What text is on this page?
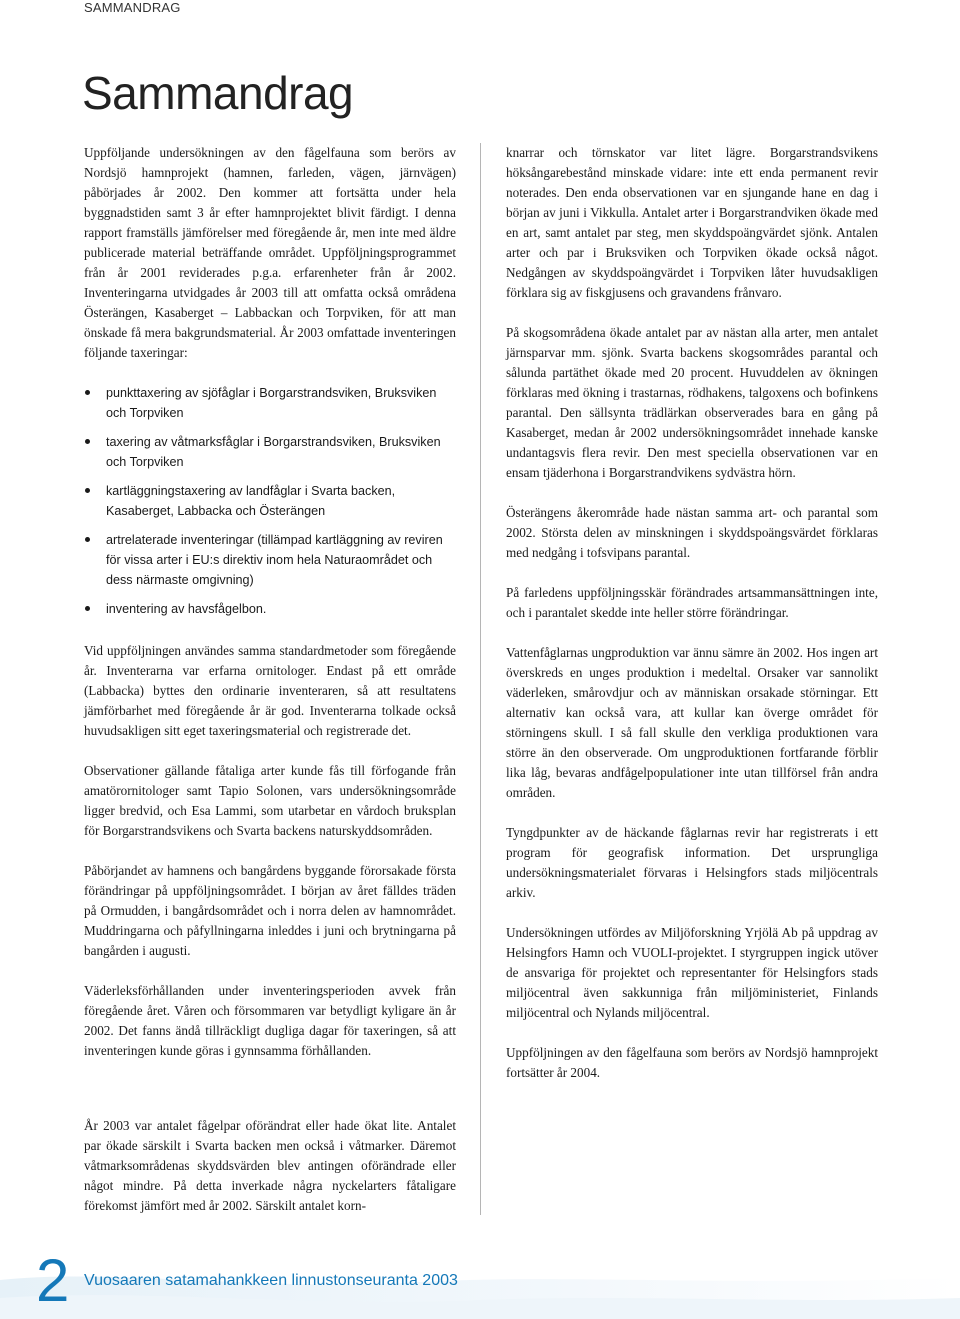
SAMMANDRAG
Sammandrag

Uppföljande undersökningen av den fågelfauna som berörs av Nordsjö hamnprojekt (hamnen, farleden, vägen, järnvägen) påbörjades år 2002. Den kommer att fortsätta under hela byggnadstiden samt 3 år efter hamnprojektet blivit färdigt. I denna rapport framställs jämförelser med föregående år, men inte med äldre publicerade material beträffande området. Uppföljningsprogrammet från år 2001 reviderades p.g.a. erfarenheter från år 2002. Inventeringarna utvidgades år 2003 till att omfatta också områdena Österängen, Kasaberget – Labbackan och Torpviken, för att man önskade få mera bakgrundsmaterial. År 2003 omfattade inventeringen följande taxeringar:

punkttaxering av sjöfåglar i Borgarstrandsviken, Bruksviken och Torpviken
taxering av våtmarksfåglar i Borgarstrandsviken, Bruksviken och Torpviken
kartläggningstaxering av landfåglar i Svarta backen, Kasaberget, Labbacka och Österängen
artrelaterade inventeringar (tillämpad kartläggning av reviren för vissa arter i EU:s direktiv inom hela Naturaområdet och dess närmaste omgivning)
inventering av havsfågelbon.

Vid uppföljningen användes samma standardmetoder som föregående år. Inventerarna var erfarna ornitologer. Endast på ett område (Labbacka) byttes den ordinarie inventeraren, så att resultatens jämförbarhet med föregående år är god. Inventerarna tolkade också huvudsakligen sitt eget taxeringsmaterial och registrerade det.

Observationer gällande fåtaliga arter kunde fås till förfogande från amatörornitologer samt Tapio Solonen, vars undersökningsområde ligger bredvid, och Esa Lammi, som utarbetar en vårdoch bruksplan för Borgarstrandsvikens och Svarta backens naturskyddsområden.

Påbörjandet av hamnens och bangårdens byggande förorsakade första förändringar på uppföljningsområdet. I början av året fälldes träden på Ormudden, i bangårdsområdet och i norra delen av hamnområdet. Muddringarna och påfyllningarna inleddes i juni och brytningarna på bangården i augusti.

Väderleksförhållanden under inventeringsperioden avvek från föregående året. Våren och försommaren var betydligt kyligare än år 2002. Det fanns ändå tillräckligt dugliga dagar för taxeringen, så att inventeringen kunde göras i gynnsamma förhållanden.

knarrar och törnskator var litet lägre. Borgarstrandsvikens höksångarebestånd minskade vidare: inte ett enda permanent revir noterades. Den enda observationen var en sjungande hane en dag i början av juni i Vikkulla. Antalet arter i Borgarstrandviken ökade med en art, samt antalet par steg, men skyddspoängvärdet sjönk. Antalen arter och par i Bruksviken och Torpviken ökade också något. Nedgången av skyddspoängvärdet i Torpviken låter huvudsakligen förklara sig av fiskgjusens och gravandens frånvaro.

På skogsområdena ökade antalet par av nästan alla arter, men antalet järnsparvar mm. sjönk. Svarta backens skogsområdes parantal och sålunda partäthet ökade med 20 procent. Huvuddelen av ökningen förklaras med ökning i trastarnas, rödhakens, talgoxens och bofinkens parantal. Den sällsynta trädlärkan observerades bara en gång på Kasaberget, medan år 2002 undersökningsområdet innehade kanske undantagsvis flera revir. Den mest speciella observationen var en ensam tjäderhona i Borgarstrandvikens sydvästra hörn.

Österängens åkerområde hade nästan samma art- och parantal som 2002. Största delen av minskningen i skyddspoängsvärdet förklaras med nedgång i tofsvipans parantal.

På farledens uppföljningsskär förändrades artsammansättningen inte, och i parantalet skedde inte heller större förändringar.

Vattenfåglarnas ungproduktion var ännu sämre än 2002. Hos ingen art överskreds en unges produktion i medeltal. Orsaker var sannolikt väderleken, smårovdjur och av människan orsakade störningar. Ett alternativ kan också vara, att kullar kan överge området för störningens skull. I så fall skulle den verkliga produktionen vara större än den observerade. Om ungproduktionen fortfarande förblir lika låg, bevaras andfågelpopulationer inte utan tillförsel från andra områden.

Tyngdpunkter av de häckande fåglarnas revir har registrerats i ett program för geografisk information. Det ursprungliga undersökningsmaterialet förvaras i Helsingfors stads miljöcentrals arkiv.

Undersökningen utfördes av Miljöforskning Yrjölä Ab på uppdrag av Helsingfors Hamn och VUOLI-projektet. I styrgruppen ingick utöver de ansvariga för projektet och representanter för Helsingfors stads miljöcentral även sakkunniga från miljöministeriet, Finlands miljöcentral och Nylands miljöcentral.

Uppföljningen av den fågelfauna som berörs av Nordsjö hamnprojekt fortsätter år 2004.

År 2003 var antalet fågelpar oförändrat eller hade ökat lite. Antalet par ökade särskilt i Svarta backen men också i våtmarker. Däremot våtmarksområdenas skyddsvärden blev antingen oförändrade eller något mindre. På detta inverkade några nyckelarters fåtaligare förekomst jämfört med år 2002. Särskilt antalet korn-

2 Vuosaaren satamahankkeen linnustonseuranta 2003
